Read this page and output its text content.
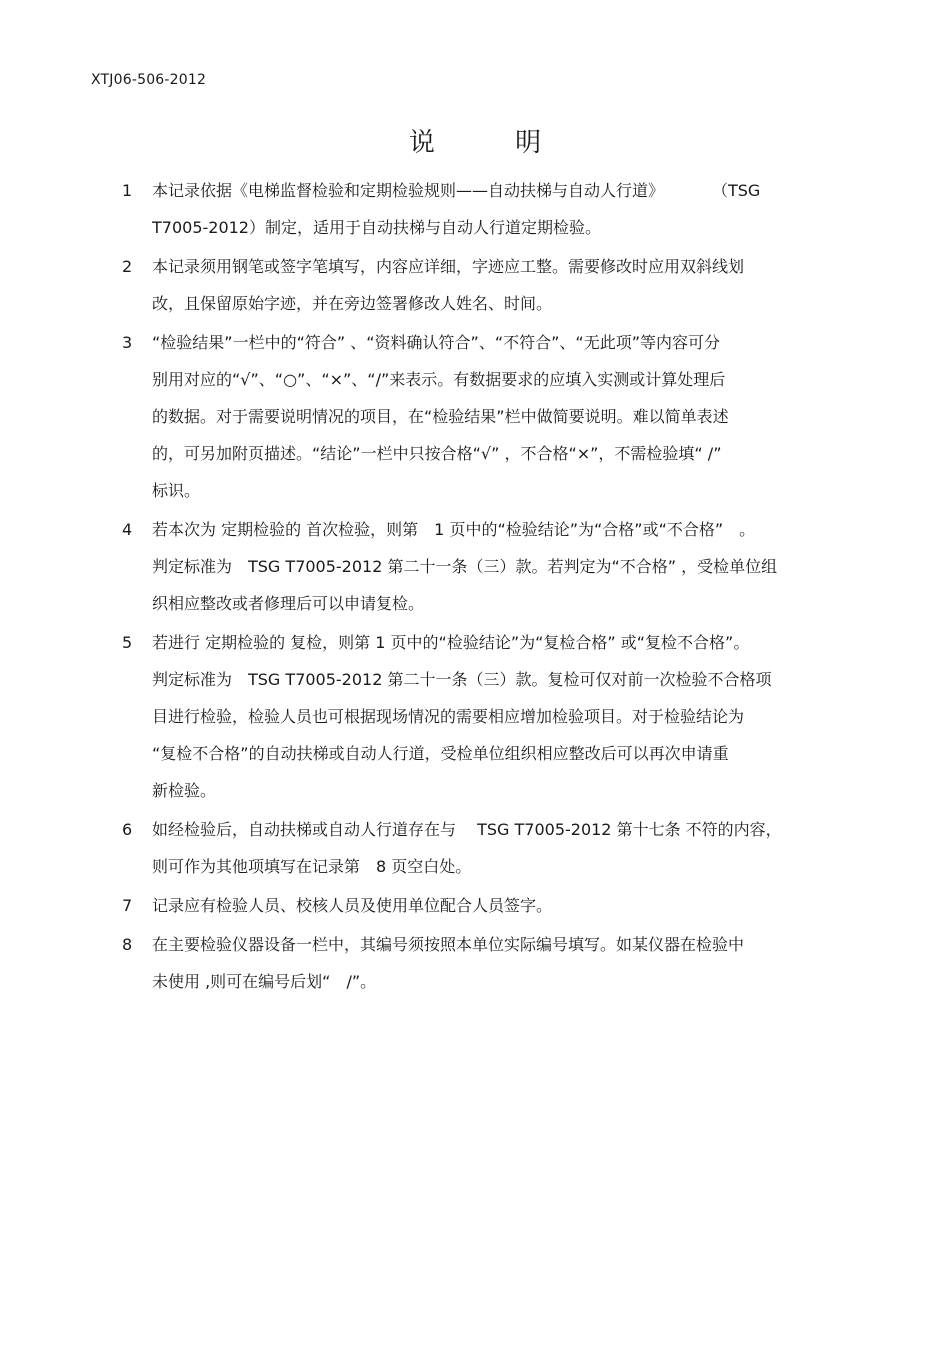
XTJ06-506-2012
说 明
1	本记录依据《电梯监督检验和定期检验规则——自动扶梯与自动人行道》　　　　（TSG
T7005-2012）制定，适用于自动扶梯与自动人行道定期检验。
2	本记录须用钢笔或签字笔填写，内容应详细，字迹应工整。需要修改时应用双斜线划
改，且保留原始字迹，并在旁边签署修改人姓名、时间。
3	“检验结果”一栏中的“符合” 、“资料确认符合”、“不符合”、“无此项”等内容可分
别用对应的“√”、“○”、“×”、“/”来表示。有数据要求的应填入实测或计算处理后
的数据。对于需要说明情况的项目，在“检验结果”栏中做简要说明。难以简单表述
的，可另加附页描述。“结论”一栏中只按合格“√” ，不合格“×”，不需检验填“ /”
标识。
4	若本次为 定期检验的 首次检验，则第　1 页中的“检验结论”为“合格”或“不合格”　。
判定标准为　TSG T7005-2012 第二十一条（三）款。若判定为“不合格” ，受检单位组
织相应整改或者修理后可以申请复检。
5	若进行 定期检验的 复检，则第 1 页中的“检验结论”为“复检合格” 或“复检不合格”。
判定标准为　TSG T7005-2012 第二十一条（三）款。复检可仅对前一次检验不合格项
目进行检验，检验人员也可根据现场情况的需要相应增加检验项目。对于检验结论为
“复检不合格”的自动扶梯或自动人行道，受检单位组织相应整改后可以再次申请重
新检验。
6	如经检验后，自动扶梯或自动人行道存在与　 TSG T7005-2012 第十七条 不符的内容，
则可作为其他项填写在记录第　8 页空白处。
7	记录应有检验人员、校核人员及使用单位配合人员签字。
8	在主要检验仪器设备一栏中，其编号须按照本单位实际编号填写。如某仪器在检验中
未使用 ,则可在编号后划“　/”。
